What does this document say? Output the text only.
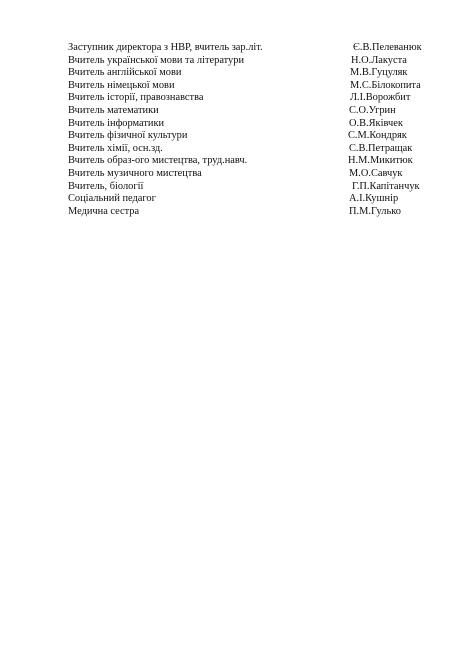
Заступник директора з НВР, вчитель зар.літ.	Є.В.Пелеванюк
Вчитель української мови та літератури	Н.О.Лакуста
Вчитель англійської мови	М.В.Гуцуляк
Вчитель німецької мови	М.С.Білокопита
Вчитель історії, правознавства	Л.І.Ворожбит
Вчитель математики	С.О.Угрин
Вчитель інформатики	О.В.Яківчек
Вчитель фізичної культури	С.М.Кондряк
Вчитель хімії, осн.зд.	С.В.Петращак
Вчитель образ-ого мистецтва, труд.навч.	Н.М.Микитюк
Вчитель музичного мистецтва	М.О.Савчук
Вчитель, біології	Г.П.Капітанчук
Соціальний педагог	А.І.Кушнір
Медична сестра	П.М.Гулько
